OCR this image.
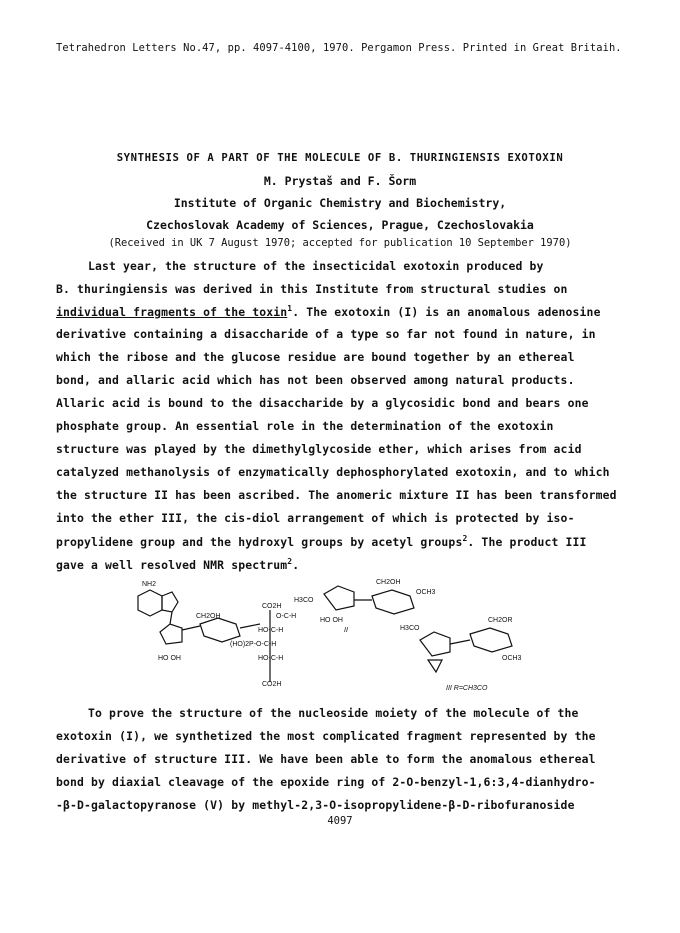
Tetrahedron Letters No.47, pp. 4097-4100, 1970. Pergamon Press. Printed in Great Britaih.
SYNTHESIS OF A PART OF THE MOLECULE OF B. THURINGIENSIS EXOTOXIN
M. Prystaš and F. Šorm
Institute of Organic Chemistry and Biochemistry,
Czechoslovak Academy of Sciences, Prague, Czechoslovakia
(Received in UK 7 August 1970; accepted for publication 10 September 1970)
Last year, the structure of the insecticidal exotoxin produced by
B. thuringiensis was derived in this Institute from structural studies on
individual fragments of the toxin$^1$. The exotoxin (I) is an anomalous adenosine
derivative containing a disaccharide of a type so far not found in nature, in
which the ribose and the glucose residue are bound together by an ethereal
bond, and allaric acid which has not been observed among natural products.
Allaric acid is bound to the disaccharide by a glycosidic bond and bears one
phosphate group. An essential role in the determination of the exotoxin
structure was played by the dimethylglycoside ether, which arises from acid
catalyzed methanolysis of enzymatically dephosphorylated exotoxin, and to which
the structure II has been ascribed. The anomeric mixture II has been transformed
into the ether III, the cis-diol arrangement of which is protected by iso-
propylidene group and the hydroxyl groups by acetyl groups$^2$. The product III
gave a well resolved NMR spectrum$^2$.
NH2
CH2OH
CO2H
O-C-H
HO-C-H
(HO)2P-O-C-H
HO-C-H
CO2H
HO OH
H3CO
CH2OH
OCH3
HO OH
II	H3CO
CH2OR
OCH3
III R=CH3CO
To prove the structure of the nucleoside moiety of the molecule of the
exotoxin (I), we synthetized the most complicated fragment represented by the
derivative of structure III. We have been able to form the anomalous ethereal
bond by diaxial cleavage of the epoxide ring of 2-O-benzyl-1,6:3,4-dianhydro-
-β-D-galactopyranose (V) by methyl-2,3-O-isopropylidene-β-D-ribofuranoside
4097
